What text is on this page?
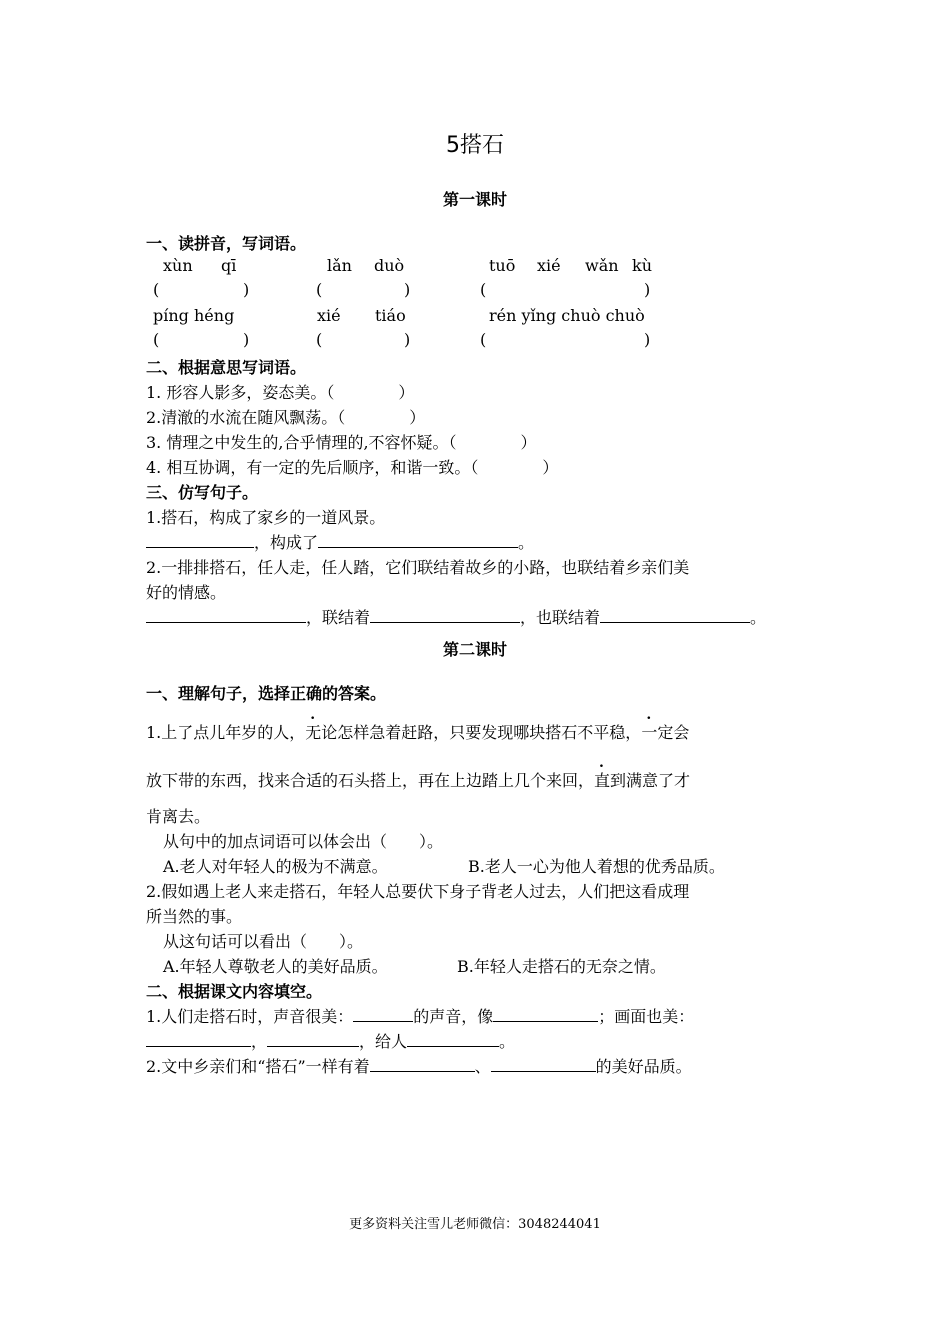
5搭石
第一课时
一、读拼音，写词语。
xùn qī	lǎn duò	tuō xié wǎn kù
(	)	(	)	(	)
píng héng	xié tiáo	rén yǐng chuò chuò
(	)	(	)	(	)
二、根据意思写词语。
1. 形容人影多，姿态美。（　　　　）
2.清澈的水流在随风飘荡。（　　　　）
3. 情理之中发生的,合乎情理的,不容怀疑。（　　　　）
4. 相互协调，有一定的先后顺序，和谐一致。（　　　　）
三、仿写句子。
1.搭石，构成了家乡的一道风景。
，构成了	。
2.一排排搭石，任人走，任人踏，它们联结着故乡的小路，也联结着乡亲们美
好的情感。
，联结着	，也联结着	。
第二课时
一、理解句子，选择正确的答案。
1.上了点儿年岁的人，无论怎样急着赶路，只要发现哪块搭石不平稳，一定会
放下带的东西，找来合适的石头搭上，再在上边踏上几个来回，直到满意了才
肯离去。
从句中的加点词语可以体会出（　　）。
A.老人对年轻人的极为不满意。	B.老人一心为他人着想的优秀品质。
2.假如遇上老人来走搭石，年轻人总要伏下身子背老人过去，人们把这看成理
所当然的事。
从这句话可以看出（　　）。
A.年轻人尊敬老人的美好品质。	B.年轻人走搭石的无奈之情。
二、根据课文内容填空。
1.人们走搭石时，声音很美：	的声音，像	；画面也美：
，	，给人	。
2.文中乡亲们和“搭石”一样有着	、	的美好品质。
更多资料关注雪儿老师微信：3048244041
